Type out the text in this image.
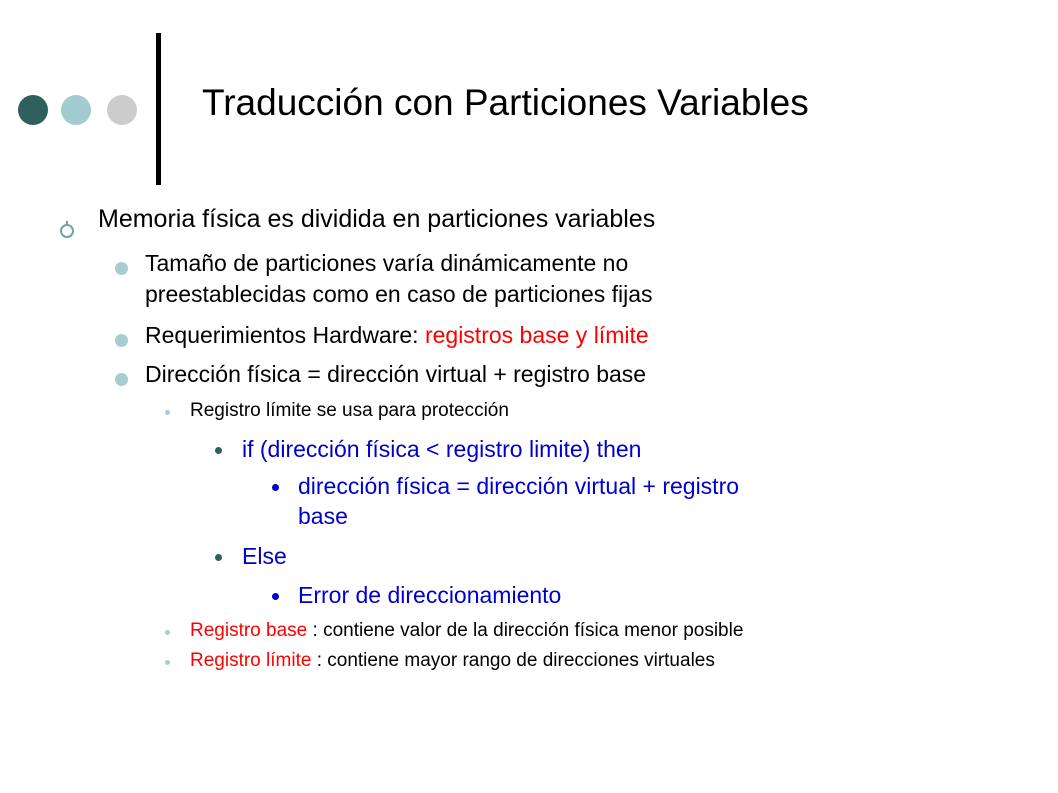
Traducción con Particiones Variables
Memoria física es dividida en particiones variables
Tamaño de particiones varía dinámicamente no
preestablecidas como en caso de particiones fijas
Requerimientos Hardware: registros base y límite
Dirección física = dirección virtual + registro base
Registro límite se usa para protección
if (dirección física < registro limite) then
dirección física = dirección virtual + registro
base
Else
Error de direccionamiento
Registro base : contiene valor de la dirección física menor posible
Registro límite : contiene mayor rango de direcciones virtuales
